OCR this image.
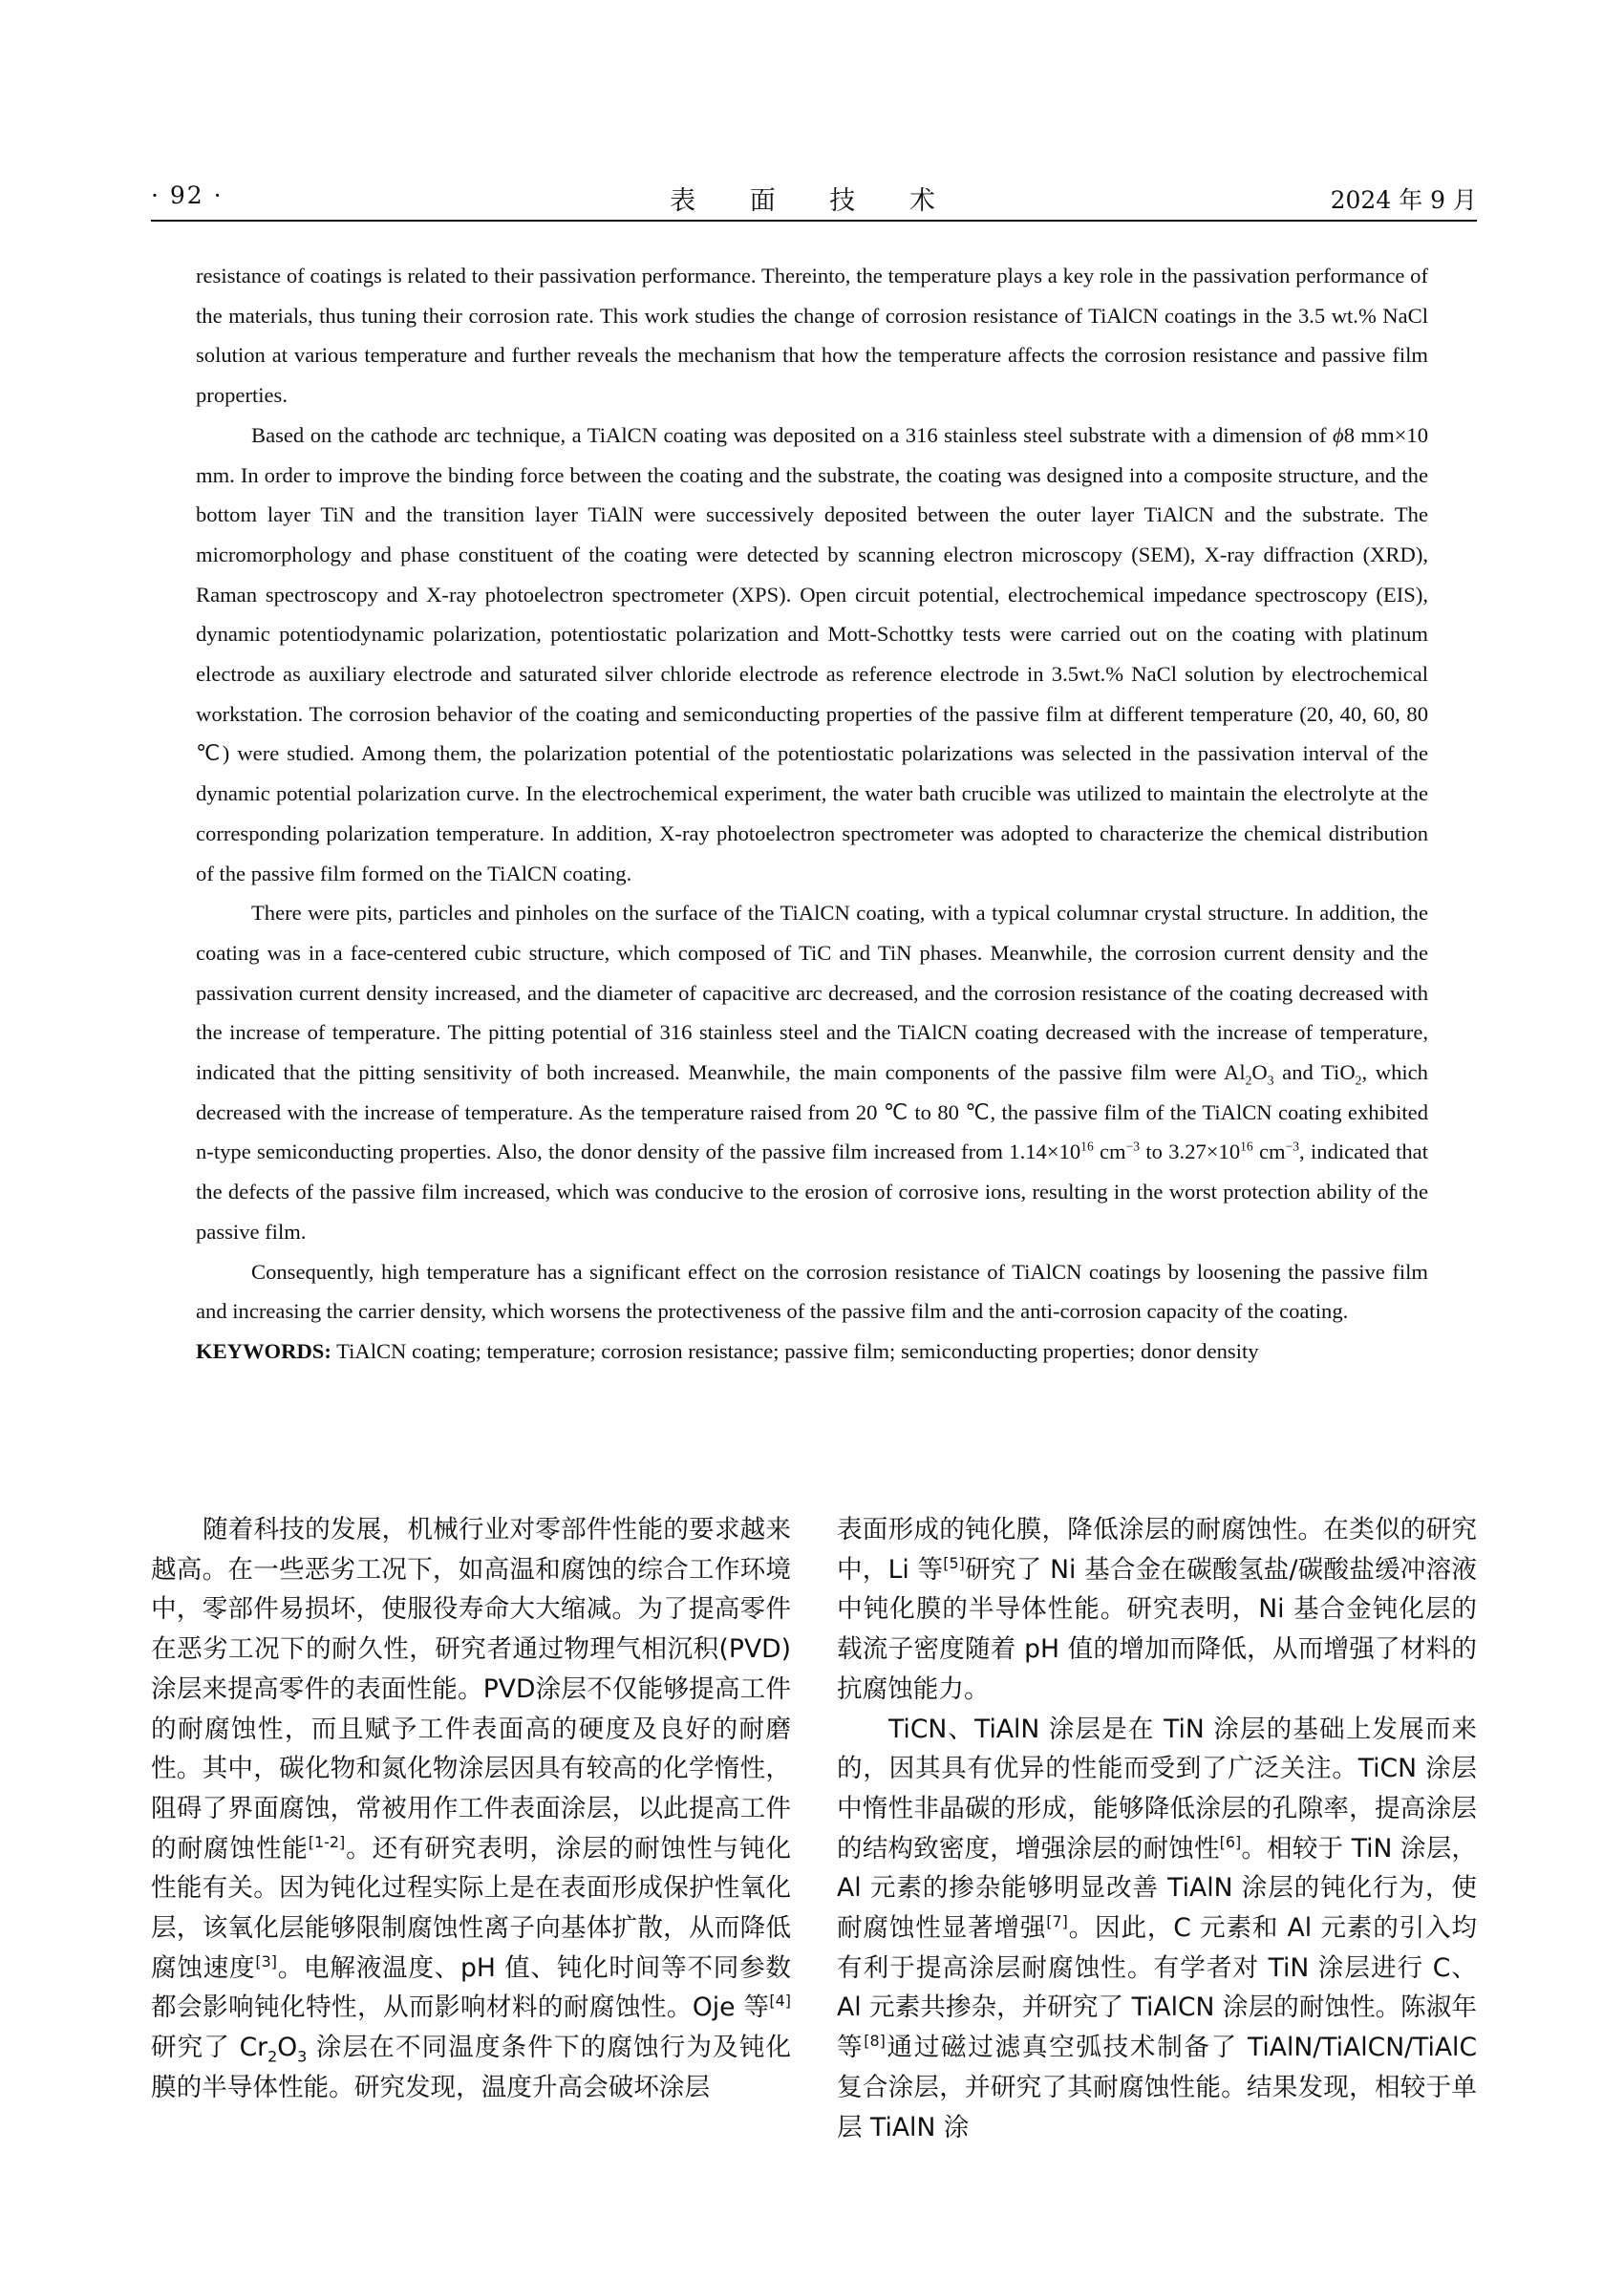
· 92 ·	表 面 技 术	2024 年 9 月

resistance of coatings is related to their passivation performance. Thereinto, the temperature plays a key role in the passivation performance of the materials, thus tuning their corrosion rate. This work studies the change of corrosion resistance of TiAlCN coatings in the 3.5 wt.% NaCl solution at various temperature and further reveals the mechanism that how the temperature affects the corrosion resistance and passive film properties.

Based on the cathode arc technique, a TiAlCN coating was deposited on a 316 stainless steel substrate with a dimension of ϕ8 mm×10 mm. In order to improve the binding force between the coating and the substrate, the coating was designed into a composite structure, and the bottom layer TiN and the transition layer TiAlN were successively deposited between the outer layer TiAlCN and the substrate. The micromorphology and phase constituent of the coating were detected by scanning electron microscopy (SEM), X-ray diffraction (XRD), Raman spectroscopy and X-ray photoelectron spectrometer (XPS). Open circuit potential, electrochemical impedance spectroscopy (EIS), dynamic potentiodynamic polarization, potentiostatic polarization and Mott-Schottky tests were carried out on the coating with platinum electrode as auxiliary electrode and saturated silver chloride electrode as reference electrode in 3.5wt.% NaCl solution by electrochemical workstation. The corrosion behavior of the coating and semiconducting properties of the passive film at different temperature (20, 40, 60, 80 ℃) were studied. Among them, the polarization potential of the potentiostatic polarizations was selected in the passivation interval of the dynamic potential polarization curve. In the electrochemical experiment, the water bath crucible was utilized to maintain the electrolyte at the corresponding polarization temperature. In addition, X-ray photoelectron spectrometer was adopted to characterize the chemical distribution of the passive film formed on the TiAlCN coating.

There were pits, particles and pinholes on the surface of the TiAlCN coating, with a typical columnar crystal structure. In addition, the coating was in a face-centered cubic structure, which composed of TiC and TiN phases. Meanwhile, the corrosion current density and the passivation current density increased, and the diameter of capacitive arc decreased, and the corrosion resistance of the coating decreased with the increase of temperature. The pitting potential of 316 stainless steel and the TiAlCN coating decreased with the increase of temperature, indicated that the pitting sensitivity of both increased. Meanwhile, the main components of the passive film were $Al_2O_3$ and TiO$_2$, which decreased with the increase of temperature. As the temperature raised from 20 ℃ to 80 ℃, the passive film of the TiAlCN coating exhibited n-type semiconducting properties. Also, the donor density of the passive film increased from $1.14\times 10^{16}$ $cm^{-3}$ to $3.27\times 10^{16}$ $cm^{-3}$, indicated that the defects of the passive film increased, which was conducive to the erosion of corrosive ions, resulting in the worst protection ability of the passive film.

Consequently, high temperature has a significant effect on the corrosion resistance of TiAlCN coatings by loosening the passive film and increasing the carrier density, which worsens the protectiveness of the passive film and the anti-corrosion capacity of the coating.

KEYWORDS: TiAlCN coating; temperature; corrosion resistance; passive film; semiconducting properties; donor density

随着科技的发展，机械行业对零部件性能的要求越来越高。在一些恶劣工况下，如高温和腐蚀的综合工作环境中，零部件易损坏，使服役寿命大大缩减。为了提高零件在恶劣工况下的耐久性，研究者通过物理气相沉积(PVD)涂层来提高零件的表面性能。PVD涂层不仅能够提高工件的耐腐蚀性，而且赋予工件表面高的硬度及良好的耐磨性。其中，碳化物和氮化物涂层因具有较高的化学惰性，阻碍了界面腐蚀，常被用作工件表面涂层，以此提高工件的耐腐蚀性能[1-2]。还有研究表明，涂层的耐蚀性与钝化性能有关。因为钝化过程实际上是在表面形成保护性氧化层，该氧化层能够限制腐蚀性离子向基体扩散，从而降低腐蚀速度[3]。电解液温度、pH 值、钝化时间等不同参数都会影响钝化特性，从而影响材料的耐腐蚀性。Oje 等[4]研究了 $Cr_2O_3$ 涂层在不同温度条件下的腐蚀行为及钝化膜的半导体性能。研究发现，温度升高会破坏涂层

表面形成的钝化膜，降低涂层的耐腐蚀性。在类似的研究中，Li 等[5]研究了 Ni 基合金在碳酸氢盐/碳酸盐缓冲溶液中钝化膜的半导体性能。研究表明，Ni 基合金钝化层的载流子密度随着 pH 值的增加而降低，从而增强了材料的抗腐蚀能力。

TiCN、TiAlN 涂层是在 TiN 涂层的基础上发展而来的，因其具有优异的性能而受到了广泛关注。TiCN 涂层中惰性非晶碳的形成，能够降低涂层的孔隙率，提高涂层的结构致密度，增强涂层的耐蚀性[6]。相较于 TiN 涂层，Al 元素的掺杂能够明显改善 TiAlN 涂层的钝化行为，使耐腐蚀性显著增强[7]。因此，C 元素和 Al 元素的引入均有利于提高涂层耐腐蚀性。有学者对 TiN 涂层进行 C、Al 元素共掺杂，并研究了 TiAlCN 涂层的耐蚀性。陈淑年等[8]通过磁过滤真空弧技术制备了 TiAlN/TiAlCN/TiAlC 复合涂层，并研究了其耐腐蚀性能。结果发现，相较于单层 TiAlN 涂
